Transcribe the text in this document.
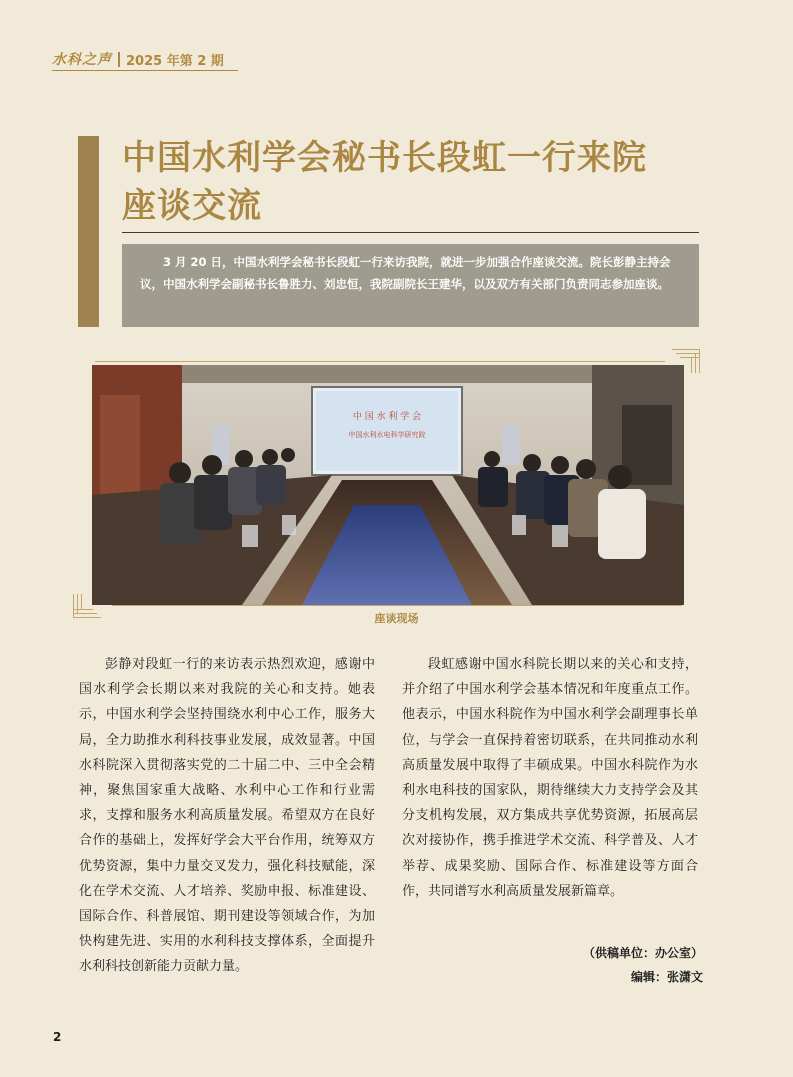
水科之声 2025 年第 2 期
中国水利学会秘书长段虹一行来院
座谈交流

3 月 20 日，中国水利学会秘书长段虹一行来访我院，就进一步加强合作座谈交流。院长彭静主持会议，中国水利学会副秘书长鲁胜力、刘忠恒，我院副院长王建华，以及双方有关部门负责同志参加座谈。

中 国 水 利 学 会
中国水利水电科学研究院
座谈现场

彭静对段虹一行的来访表示热烈欢迎，感谢中国水利学会长期以来对我院的关心和支持。她表示，中国水利学会坚持围绕水利中心工作，服务大局，全力助推水利科技事业发展，成效显著。中国水科院深入贯彻落实党的二十届二中、三中全会精神，聚焦国家重大战略、水利中心工作和行业需求，支撑和服务水利高质量发展。希望双方在良好合作的基础上，发挥好学会大平台作用，统筹双方优势资源，集中力量交叉发力，强化科技赋能，深化在学术交流、人才培养、奖励申报、标准建设、国际合作、科普展馆、期刊建设等领域合作，为加快构建先进、实用的水利科技支撑体系，全面提升水利科技创新能力贡献力量。

段虹感谢中国水科院长期以来的关心和支持，并介绍了中国水利学会基本情况和年度重点工作。他表示，中国水科院作为中国水利学会副理事长单位，与学会一直保持着密切联系，在共同推动水利高质量发展中取得了丰硕成果。中国水科院作为水利水电科技的国家队，期待继续大力支持学会及其分支机构发展，双方集成共享优势资源，拓展高层次对接协作，携手推进学术交流、科学普及、人才举荐、成果奖励、国际合作、标准建设等方面合作，共同谱写水利高质量发展新篇章。

（供稿单位：办公室）
编辑：张潇文
2
